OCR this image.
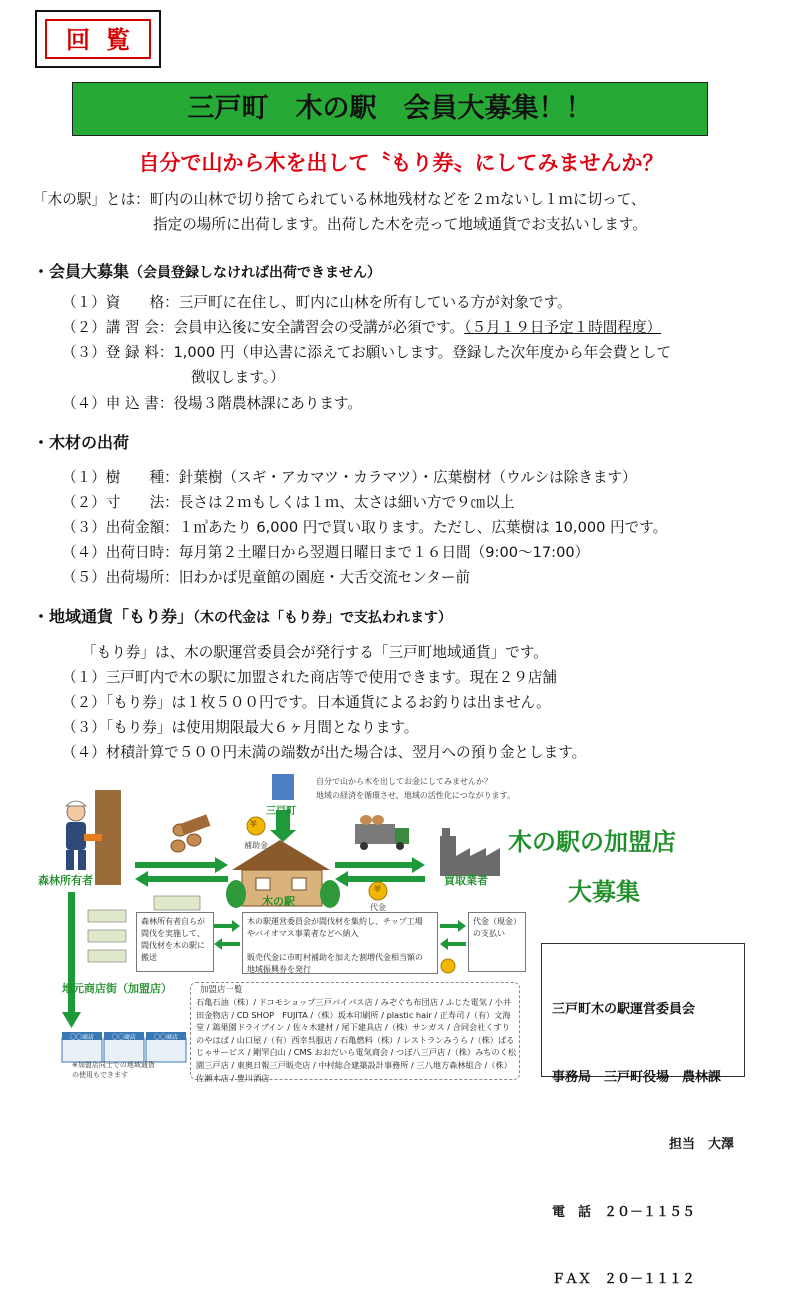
回覧
三戸町　木の駅　会員大募集！！
自分で山から木を出して〝もり券〟にしてみませんか？
「木の駅」とは：町内の山林で切り捨てられている林地残材などを２ｍないし１ｍに切って、
指定の場所に出荷します。出荷した木を売って地域通貨でお支払いします。
・会員大募集（会員登録しなければ出荷できません）
（１）資　　格：三戸町に在住し、町内に山林を所有している方が対象です。
（２）講 習 会：会員申込後に安全講習会の受講が必須です。（５月１９日予定１時間程度）
（３）登 録 料：1,000 円（申込書に添えてお願いします。登録した次年度から年会費として
徴収します。）
（４）申 込 書：役場３階農林課にあります。
・木材の出荷
（１）樹　　種：針葉樹（スギ・アカマツ・カラマツ）・広葉樹材（ウルシは除きます）
（２）寸　　法：長さは２ｍもしくは１ｍ、太さは細い方で９㎝以上
（３）出荷金額：１㎥あたり 6,000 円で買い取ります。ただし、広葉樹は 10,000 円です。
（４）出荷日時：毎月第２土曜日から翌週日曜日まで１６日間（9:00～17:00）
（５）出荷場所：旧わかば児童館の園庭・大舌交流センター前
・地域通貨「もり券」（木の代金は「もり券」で支払われます）
「もり券」は、木の駅運営委員会が発行する「三戸町地域通貨」です。
（１）三戸町内で木の駅に加盟された商店等で使用できます。現在２９店舗
（２）「もり券」は１枚５００円です。日本通貨によるお釣りは出ません。
（３）「もり券」は使用期限最大６ヶ月間となります。
（４）材積計算で５００円未満の端数が出た場合は、翌月への預り金とします。
自分で山から木を出してお金にしてみませんか？
地域の経済を循環させ、地域の活性化につながります。
三戸町
¥
補助金
森林所有者
木の駅
買取業者
¥
代金
森林所有者自らが
間伐を実施して、
間伐材を木の駅に
搬送
木の駅運営委員会が間伐材を集約し、チップ工場
やバイオマス事業者などへ納入

販売代金に市町村補助を加えた割増代金相当額の
地域振興券を発行
代金（現金）
の支払い
地元商店街（加盟店）
〇〇商店	〇〇商店	〇〇商店
※加盟店同士での地域通貨
の使用もできます
加盟店一覧
石亀石油（株）/ ドコモショップ三戸バイパス店 / みぞぐち布団店 / ふじた電気 / 小井田金物店 / CD SHOP　FUJITA /（株）坂本印刷所 / plastic hair / 正寿司 /（有）文海堂 / 鶏果園ドライブイン / 佐々木建材 / 尾下建具店 /（株）サンガス / 合同会社くすりのやはば / 山口屋 /（有）西幸呉服店 / 石亀燃料（株）/ レストランみうら /（株）ぱるじゃサービス / 剛罘白山 / CMS おおだいら電気商会 / つぼ八三戸店 /（株）みちのく松園三戸店 / 東奥日報三戸販売店 / 中村総合建築設計事務所 / 三八地方森林組合 /（株）佐瀬木店 / 豊川酒店
木の駅の加盟店
大募集

三戸町木の駅運営委員会

事務局　三戸町役場　農林課

担当　大澤

電　話　２０－１１５５

ＦＡＸ　２０－１１１２
